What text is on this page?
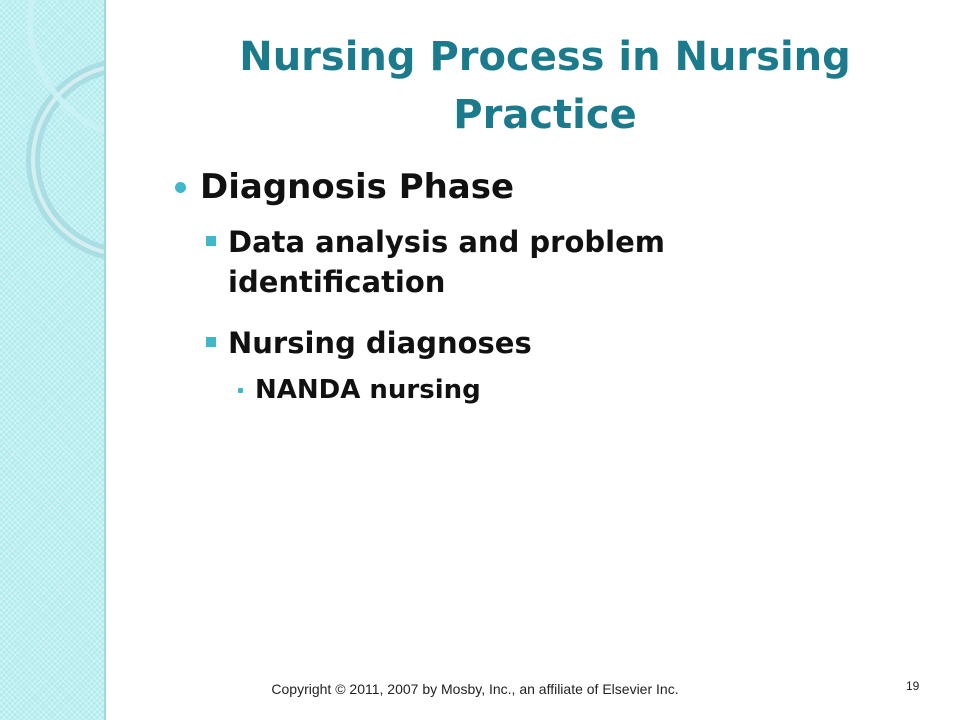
Nursing Process in Nursing Practice
Diagnosis Phase
Data analysis and problem identification
Nursing diagnoses
NANDA nursing
Copyright © 2011, 2007 by Mosby, Inc., an affiliate of Elsevier Inc.	19
